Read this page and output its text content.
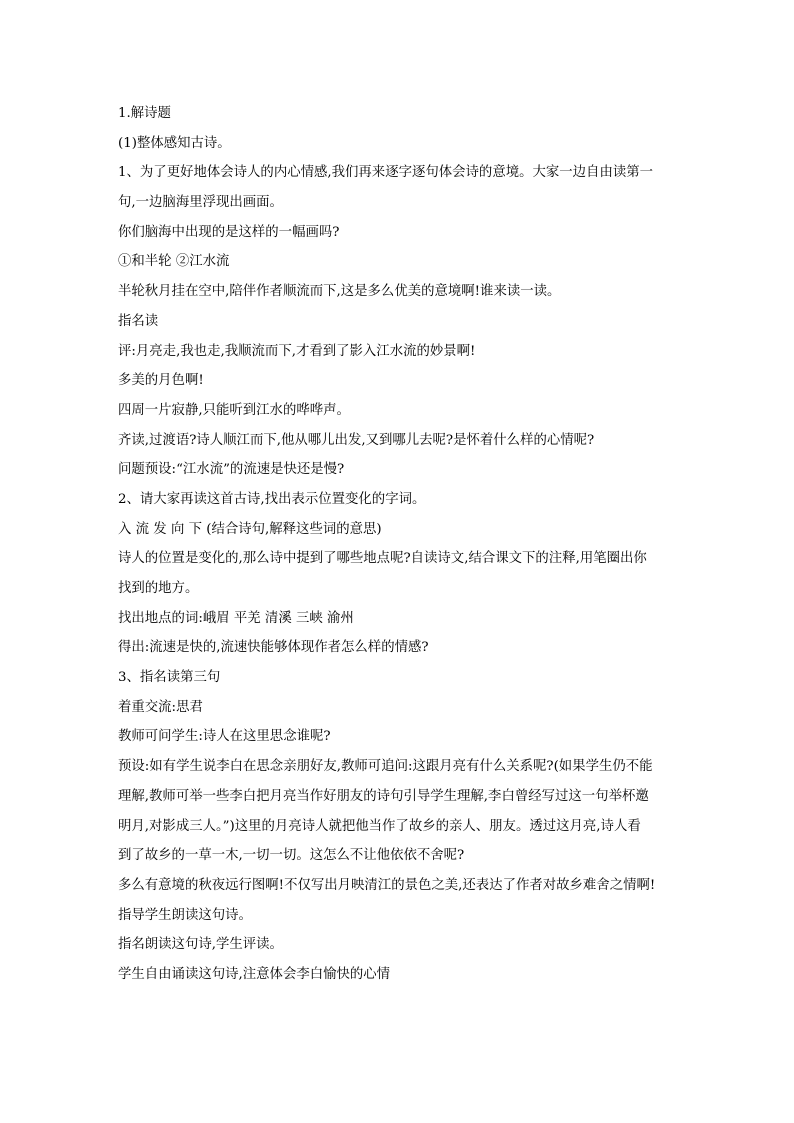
1.解诗题
(1)整体感知古诗。
1、为了更好地体会诗人的内心情感,我们再来逐字逐句体会诗的意境。大家一边自由读第一
句,一边脑海里浮现出画面。
你们脑海中出现的是这样的一幅画吗?
①和半轮 ②江水流
半轮秋月挂在空中,陪伴作者顺流而下,这是多么优美的意境啊!谁来读一读。
指名读
评:月亮走,我也走,我顺流而下,才看到了影入江水流的妙景啊!
多美的月色啊!
四周一片寂静,只能听到江水的哗哗声。
齐读,过渡语?诗人顺江而下,他从哪儿出发,又到哪儿去呢?是怀着什么样的心情呢?
问题预设:“江水流”的流速是快还是慢?
2、请大家再读这首古诗,找出表示位置变化的字词。
入 流 发 向 下 (结合诗句,解释这些词的意思)
诗人的位置是变化的,那么诗中提到了哪些地点呢?自读诗文,结合课文下的注释,用笔圈出你
找到的地方。
找出地点的词:峨眉 平羌 清溪 三峡 渝州
得出:流速是快的,流速快能够体现作者怎么样的情感?
3、指名读第三句
着重交流:思君
教师可问学生:诗人在这里思念谁呢?
预设:如有学生说李白在思念亲朋好友,教师可追问:这跟月亮有什么关系呢?(如果学生仍不能
理解,教师可举一些李白把月亮当作好朋友的诗句引导学生理解,李白曾经写过这一句举杯邀
明月,对影成三人。”)这里的月亮诗人就把他当作了故乡的亲人、朋友。透过这月亮,诗人看
到了故乡的一草一木,一切一切。这怎么不让他依依不舍呢?
多么有意境的秋夜远行图啊!不仅写出月映清江的景色之美,还表达了作者对故乡难舍之情啊!
指导学生朗读这句诗。
指名朗读这句诗,学生评读。
学生自由诵读这句诗,注意体会李白愉快的心情
